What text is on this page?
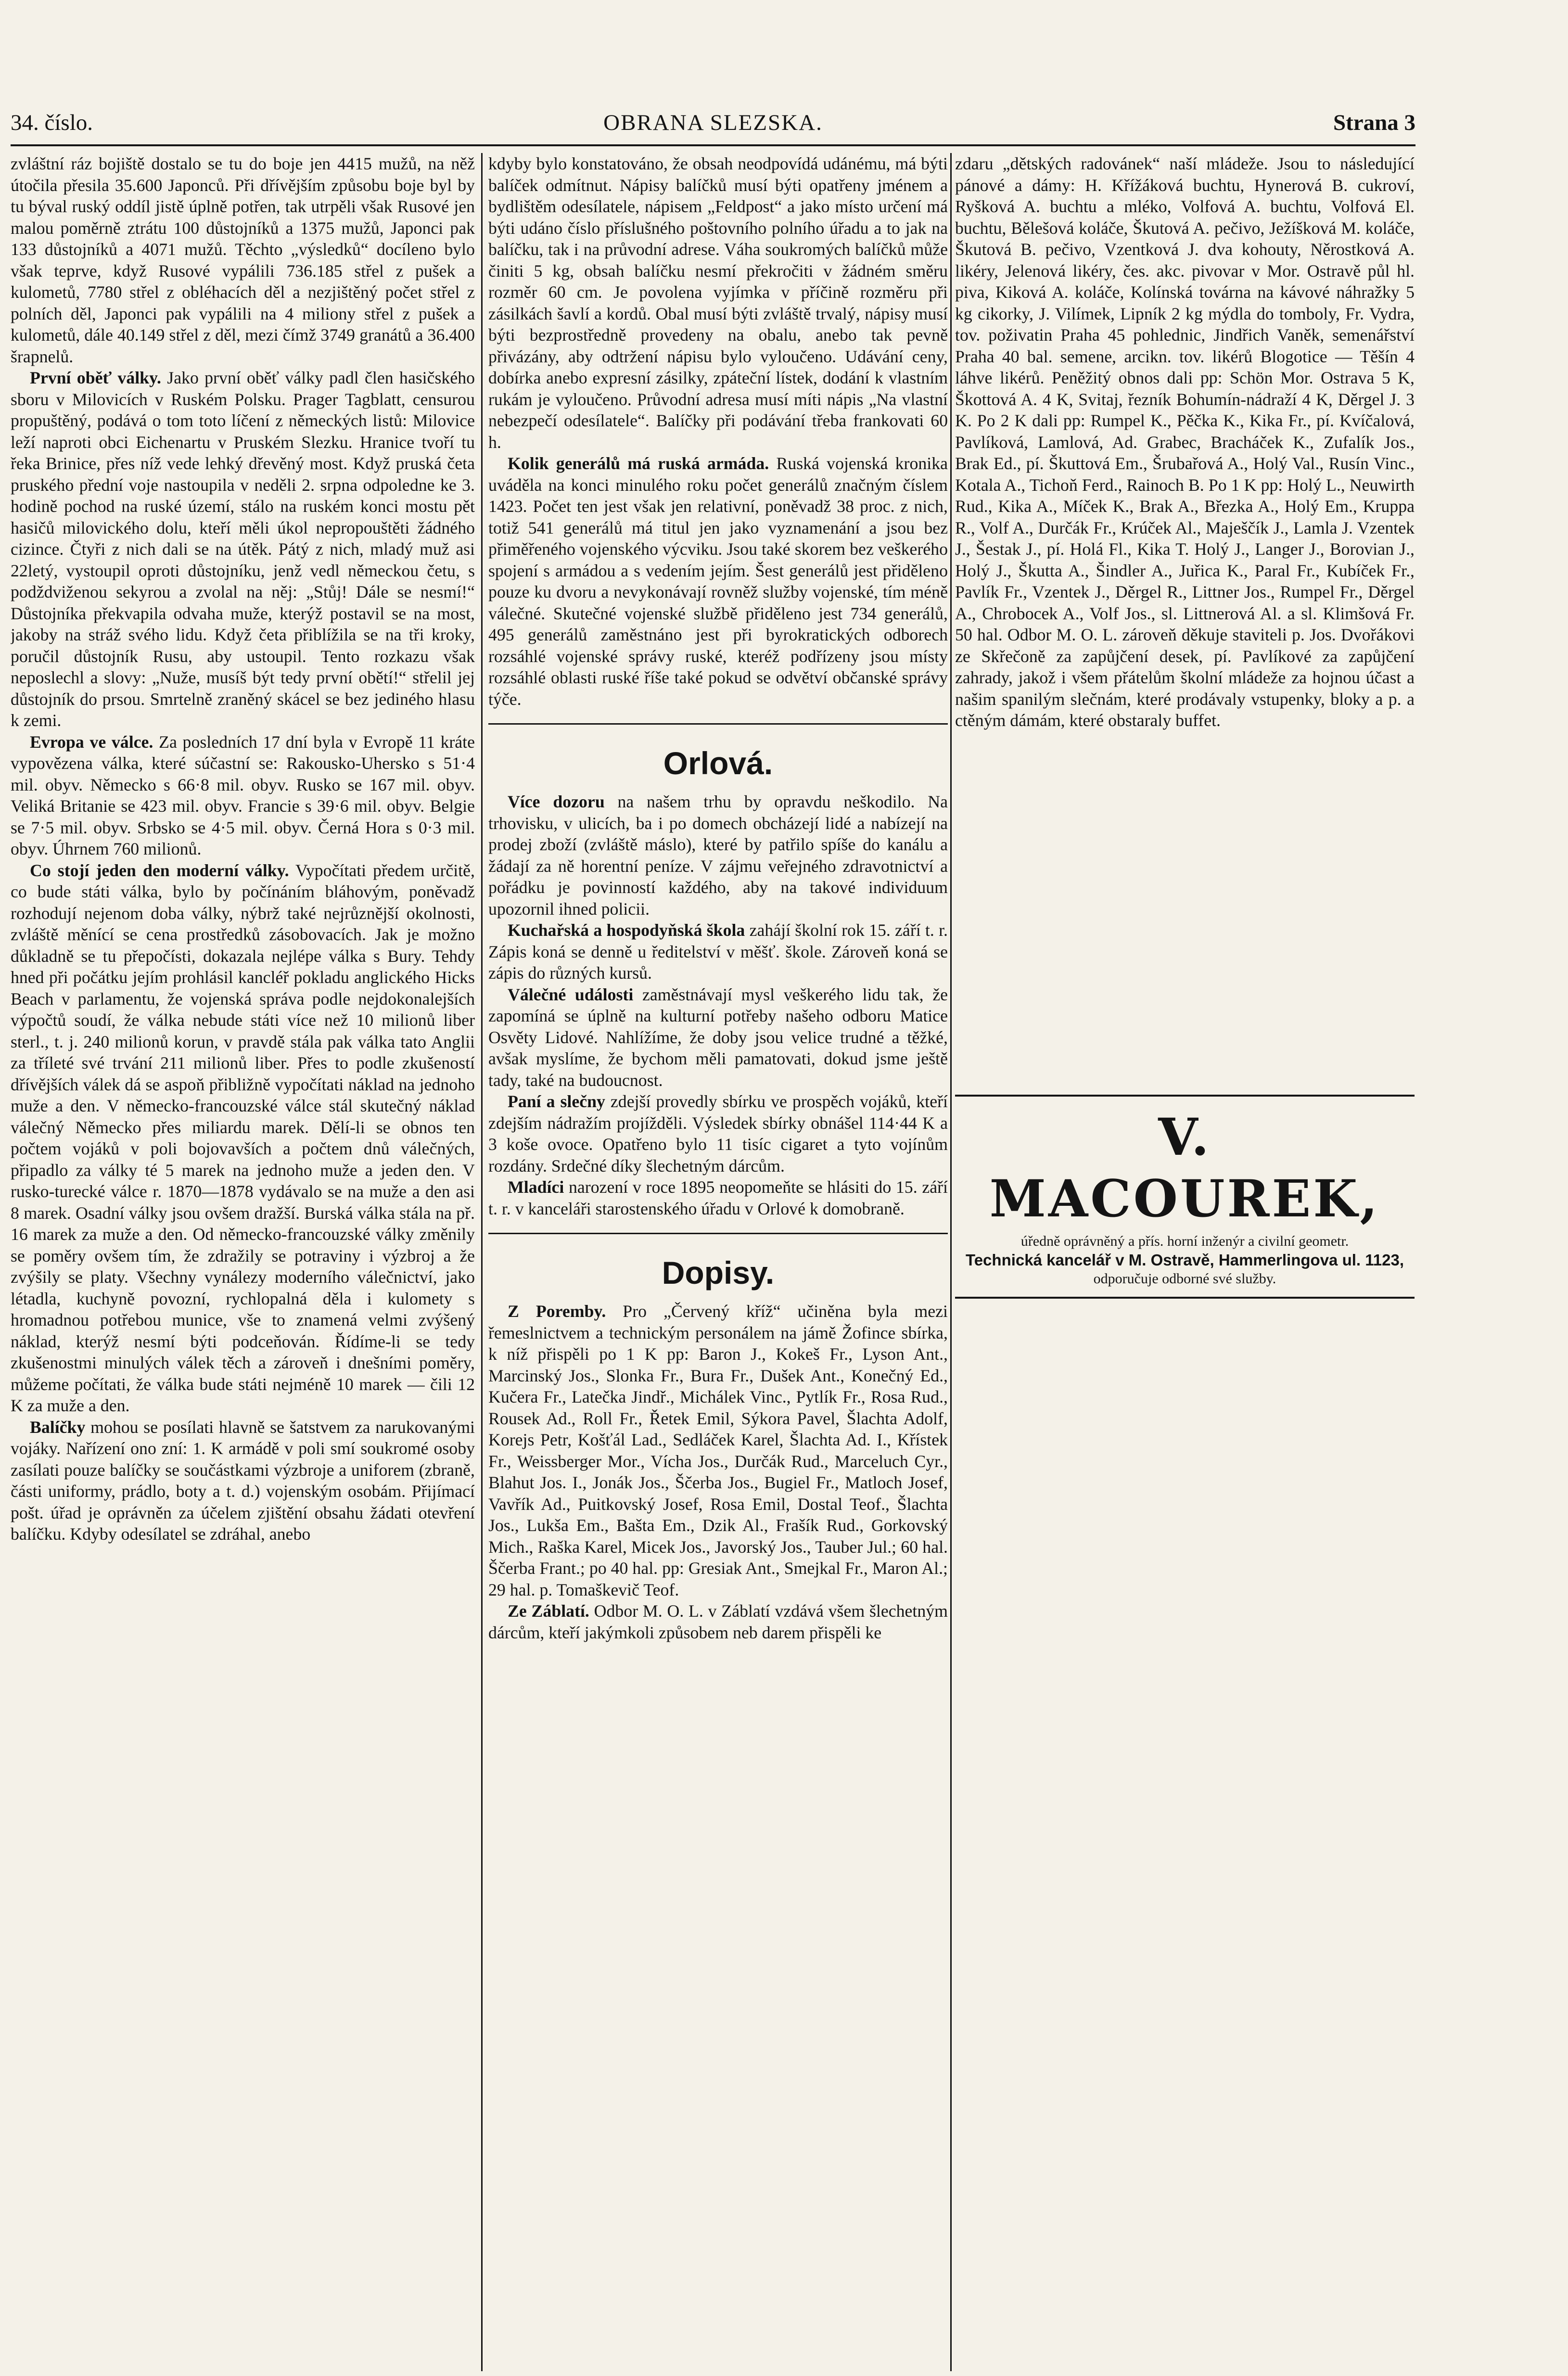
34. číslo.	OBRANA SLEZSKA.	Strana 3

zvláštní ráz bojiště dostalo se tu do boje jen 4415 mužů, na něž útočila přesila 35.600 Japonců. Při dřívějším způsobu boje byl by tu býval ruský oddíl jistě úplně potřen, tak utrpěli však Rusové jen malou poměrně ztrátu 100 důstojníků a 1375 mužů, Japonci pak 133 důstojníků a 4071 mužů. Těchto „výsledků“ docíleno bylo však teprve, když Rusové vypálili 736.185 střel z pušek a kulometů, 7780 střel z obléhacích děl a nezjištěný počet střel z polních děl, Japonci pak vypálili na 4 miliony střel z pušek a kulometů, dále 40.149 střel z děl, mezi čímž 3749 granátů a 36.400 šrapnelů.

První oběť války. Jako první oběť války padl člen hasičského sboru v Milovicích v Ruském Polsku. Prager Tagblatt, censurou propuštěný, podává o tom toto líčení z německých listů: Milovice leží naproti obci Eichenartu v Pruském Slezku. Hranice tvoří tu řeka Brinice, přes níž vede lehký dřevěný most. Když pruská četa pruského přední voje nastoupila v neděli 2. srpna odpoledne ke 3. hodině pochod na ruské území, stálo na ruském konci mostu pět hasičů milovického dolu, kteří měli úkol nepropouštěti žádného cizince. Čtyři z nich dali se na útěk. Pátý z nich, mladý muž asi 22letý, vystoupil oproti důstojníku, jenž vedl německou četu, s podždviženou sekyrou a zvolal na něj: „Stůj! Dále se nesmí!“ Důstojníka překvapila odvaha muže, kterýž postavil se na most, jakoby na stráž svého lidu. Když četa přiblížila se na tři kroky, poručil důstojník Rusu, aby ustoupil. Tento rozkazu však neposlechl a slovy: „Nuže, musíš být tedy první obětí!“ střelil jej důstojník do prsou. Smrtelně zraněný skácel se bez jediného hlasu k zemi.

Evropa ve válce. Za posledních 17 dní byla v Evropě 11 kráte vypovězena válka, které súčastní se: Rakousko-Uhersko s 51·4 mil. obyv. Německo s 66·8 mil. obyv. Rusko se 167 mil. obyv. Veliká Britanie se 423 mil. obyv. Francie s 39·6 mil. obyv. Belgie se 7·5 mil. obyv. Srbsko se 4·5 mil. obyv. Černá Hora s 0·3 mil. obyv. Úhrnem 760 milionů.

Co stojí jeden den moderní války. Vypočítati předem určitě, co bude státi válka, bylo by počínáním bláhovým, poněvadž rozhodují nejenom doba války, nýbrž také nejrůznější okolnosti, zvláště měnící se cena prostředků zásobovacích. Jak je možno důkladně se tu přepočísti, dokazala nejlépe válka s Bury. Tehdy hned při počátku jejím prohlásil kancléř pokladu anglického Hicks Beach v parlamentu, že vojenská správa podle nejdokonalejších výpočtů soudí, že válka nebude státi více než 10 milionů liber sterl., t. j. 240 milionů korun, v pravdě stála pak válka tato Anglii za tříleté své trvání 211 milionů liber. Přes to podle zkušeností dřívějších válek dá se aspoň přibližně vypočítati náklad na jednoho muže a den. V německo-francouzské válce stál skutečný náklad válečný Německo přes miliardu marek. Dělí-li se obnos ten počtem vojáků v poli bojovavších a počtem dnů válečných, připadlo za války té 5 marek na jednoho muže a jeden den. V rusko-turecké válce r. 1870—1878 vydávalo se na muže a den asi 8 marek. Osadní války jsou ovšem dražší. Burská válka stála na př. 16 marek za muže a den. Od německo-francouzské války změnily se poměry ovšem tím, že zdražily se potraviny i výzbroj a že zvýšily se platy. Všechny vynálezy moderního válečnictví, jako létadla, kuchyně povozní, rychlopalná děla i kulomety s hromadnou potřebou munice, vše to znamená velmi zvýšený náklad, kterýž nesmí býti podceňován. Řídíme-li se tedy zkušenostmi minulých válek těch a zároveň i dnešními poměry, můžeme počítati, že válka bude státi nejméně 10 marek — čili 12 K za muže a den.

Balíčky mohou se posílati hlavně se šatstvem za narukovanými vojáky. Nařízení ono zní: 1. K armádě v poli smí soukromé osoby zasílati pouze balíčky se součástkami výzbroje a uniforem (zbraně, části uniformy, prádlo, boty a t. d.) vojenským osobám. Přijímací pošt. úřad je oprávněn za účelem zjištění obsahu žádati otevření balíčku. Kdyby odesílatel se zdráhal, anebo

kdyby bylo konstatováno, že obsah neodpovídá udánému, má býti balíček odmítnut. Nápisy balíčků musí býti opatřeny jménem a bydlištěm odesílatele, nápisem „Feldpost“ a jako místo určení má býti udáno číslo příslušného poštovního polního úřadu a to jak na balíčku, tak i na průvodní adrese. Váha soukromých balíčků může činiti 5 kg, obsah balíčku nesmí překročiti v žádném směru rozměr 60 cm. Je povolena vyjímka v příčině rozměru při zásilkách šavlí a kordů. Obal musí býti zvláště trvalý, nápisy musí býti bezprostředně provedeny na obalu, anebo tak pevně přivázány, aby odtržení nápisu bylo vyloučeno. Udávání ceny, dobírka anebo expresní zásilky, zpáteční lístek, dodání k vlastním rukám je vyloučeno. Průvodní adresa musí míti nápis „Na vlastní nebezpečí odesílatele“. Balíčky při podávání třeba frankovati 60 h.

Kolik generálů má ruská armáda. Ruská vojenská kronika uváděla na konci minulého roku počet generálů značným číslem 1423. Počet ten jest však jen relativní, poněvadž 38 proc. z nich, totiž 541 generálů má titul jen jako vyznamenání a jsou bez přiměřeného vojenského výcviku. Jsou také skorem bez veškerého spojení s armádou a s vedením jejím. Šest generálů jest přiděleno pouze ku dvoru a nevykonávají rovněž služby vojenské, tím méně válečné. Skutečné vojenské službě přiděleno jest 734 generálů, 495 generálů zaměstnáno jest při byrokratických odborech rozsáhlé vojenské správy ruské, kteréž podřízeny jsou místy rozsáhlé oblasti ruské říše také pokud se odvětví občanské správy týče.

Orlová.

Více dozoru na našem trhu by opravdu neškodilo. Na trhovisku, v ulicích, ba i po domech obcházejí lidé a nabízejí na prodej zboží (zvláště máslo), které by patřilo spíše do kanálu a žádají za ně horentní peníze. V zájmu veřejného zdravotnictví a pořádku je povinností každého, aby na takové individuum upozornil ihned policii.

Kuchařská a hospodyňská škola zahájí školní rok 15. září t. r. Zápis koná se denně u ředitelství v měšť. škole. Zároveň koná se zápis do různých kursů.

Válečné události zaměstnávají mysl veškerého lidu tak, že zapomíná se úplně na kulturní potřeby našeho odboru Matice Osvěty Lidové. Nahlížíme, že doby jsou velice trudné a těžké, avšak myslíme, že bychom měli pamatovati, dokud jsme ještě tady, také na budoucnost.

Paní a slečny zdejší provedly sbírku ve prospěch vojáků, kteří zdejším nádražím projížděli. Výsledek sbírky obnášel 114·44 K a 3 koše ovoce. Opatřeno bylo 11 tisíc cigaret a tyto vojínům rozdány. Srdečné díky šlechetným dárcům.

Mladíci narození v roce 1895 neopomeňte se hlásiti do 15. září t. r. v kanceláři starostenského úřadu v Orlové k domobraně.

Dopisy.

Z Poremby. Pro „Červený kříž“ učiněna byla mezi řemeslnictvem a technickým personálem na jámě Žofince sbírka, k níž přispěli po 1 K pp: Baron J., Kokeš Fr., Lyson Ant., Marcinský Jos., Slonka Fr., Bura Fr., Dušek Ant., Konečný Ed., Kučera Fr., Latečka Jindř., Michálek Vinc., Pytlík Fr., Rosa Rud., Rousek Ad., Roll Fr., Řetek Emil, Sýkora Pavel, Šlachta Adolf, Korejs Petr, Košťál Lad., Sedláček Karel, Šlachta Ad. I., Křístek Fr., Weissberger Mor., Vícha Jos., Durčák Rud., Marceluch Cyr., Blahut Jos. I., Jonák Jos., Ščerba Jos., Bugiel Fr., Matloch Josef, Vavřík Ad., Puitkovský Josef, Rosa Emil, Dostal Teof., Šlachta Jos., Lukša Em., Bašta Em., Dzik Al., Frašík Rud., Gorkovský Mich., Raška Karel, Micek Jos., Javorský Jos., Tauber Jul.; 60 hal. Ščerba Frant.; po 40 hal. pp: Gresiak Ant., Smejkal Fr., Maron Al.; 29 hal. p. Tomaškevič Teof.

Ze Záblatí. Odbor M. O. L. v Záblatí vzdává všem šlechetným dárcům, kteří jakýmkoli způsobem neb darem přispěli ke

zdaru „dětských radovánek“ naší mládeže. Jsou to následující pánové a dámy: H. Křížáková buchtu, Hynerová B. cukroví, Ryšková A. buchtu a mléko, Volfová A. buchtu, Volfová El. buchtu, Bělešová koláče, Škutová A. pečivo, Ježíšková M. koláče, Škutová B. pečivo, Vzentková J. dva kohouty, Něrostková A. likéry, Jelenová likéry, čes. akc. pivovar v Mor. Ostravě půl hl. piva, Kiková A. koláče, Kolínská továrna na kávové náhražky 5 kg cikorky, J. Vilímek, Lipník 2 kg mýdla do tomboly, Fr. Vydra, tov. poživatin Praha 45 pohlednic, Jindřich Vaněk, semenářství Praha 40 bal. semene, arcikn. tov. likérů Blogotice — Těšín 4 láhve likérů. Peněžitý obnos dali pp: Schön Mor. Ostrava 5 K, Škottová A. 4 K, Svitaj, řezník Bohumín-nádraží 4 K, Děrgel J. 3 K. Po 2 K dali pp: Rumpel K., Pěčka K., Kika Fr., pí. Kvíčalová, Pavlíková, Lamlová, Ad. Grabec, Bracháček K., Zufalík Jos., Brak Ed., pí. Škuttová Em., Šrubařová A., Holý Val., Rusín Vinc., Kotala A., Tichoň Ferd., Rainoch B. Po 1 K pp: Holý L., Neuwirth Rud., Kika A., Míček K., Brak A., Březka A., Holý Em., Kruppa R., Volf A., Durčák Fr., Krúček Al., Maješčík J., Lamla J. Vzentek J., Šestak J., pí. Holá Fl., Kika T. Holý J., Langer J., Borovian J., Holý J., Škutta A., Šindler A., Juřica K., Paral Fr., Kubíček Fr., Pavlík Fr., Vzentek J., Děrgel R., Littner Jos., Rumpel Fr., Děrgel A., Chrobocek A., Volf Jos., sl. Littnerová Al. a sl. Klimšová Fr. 50 hal. Odbor M. O. L. zároveň děkuje staviteli p. Jos. Dvořákovi ze Skřečoně za zapůjčení desek, pí. Pavlíkové za zapůjčení zahrady, jakož i všem přátelům školní mládeže za hojnou účast a našim spanilým slečnám, které prodávaly vstupenky, bloky a p. a ctěným dámám, které obstaraly buffet.

V. MACOUREK,
úředně oprávněný a přís. horní inženýr a civilní geometr.
Technická kancelář v M. Ostravě, Hammerlingova ul. 1123,
odporučuje odborné své služby.
